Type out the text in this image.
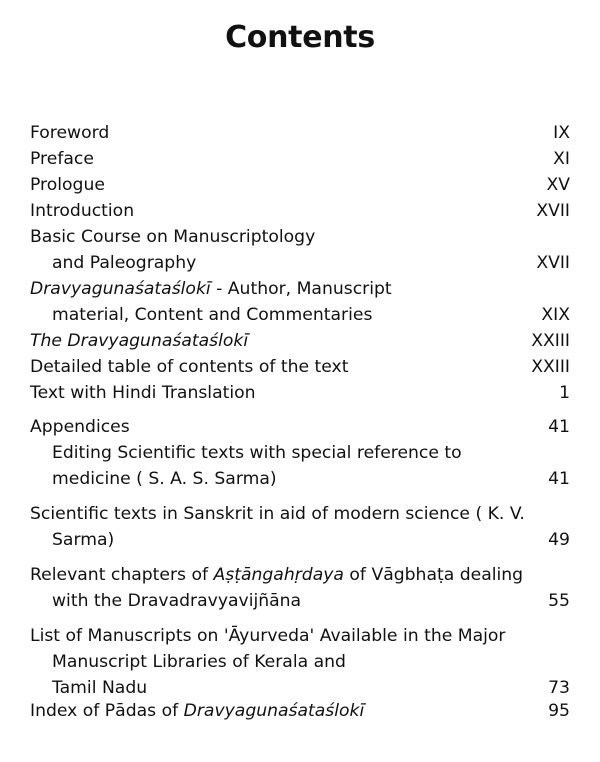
Contents
Foreword	IX
Preface	XI
Prologue	XV
Introduction	XVII
Basic Course on Manuscriptology
and Paleography	XVII
Dravyagunaśataślokī - Author, Manuscript
material, Content and Commentaries	XIX
The Dravyagunaśataślokī	XXIII
Detailed table of contents of the text	XXIII
Text with Hindi Translation	1
Appendices	41
Editing Scientific texts with special reference to
medicine ( S. A. S. Sarma)	41
Scientific texts in Sanskrit in aid of modern science ( K. V.
Sarma)	49
Relevant chapters of Aṣṭāngahṛdaya of Vāgbhaṭa dealing
with the Dravadravyavijñāna	55
List of Manuscripts on 'Āyurveda' Available in the Major
Manuscript Libraries of Kerala and
Tamil Nadu	73
Index of Pādas of Dravyagunaśataślokī	95
